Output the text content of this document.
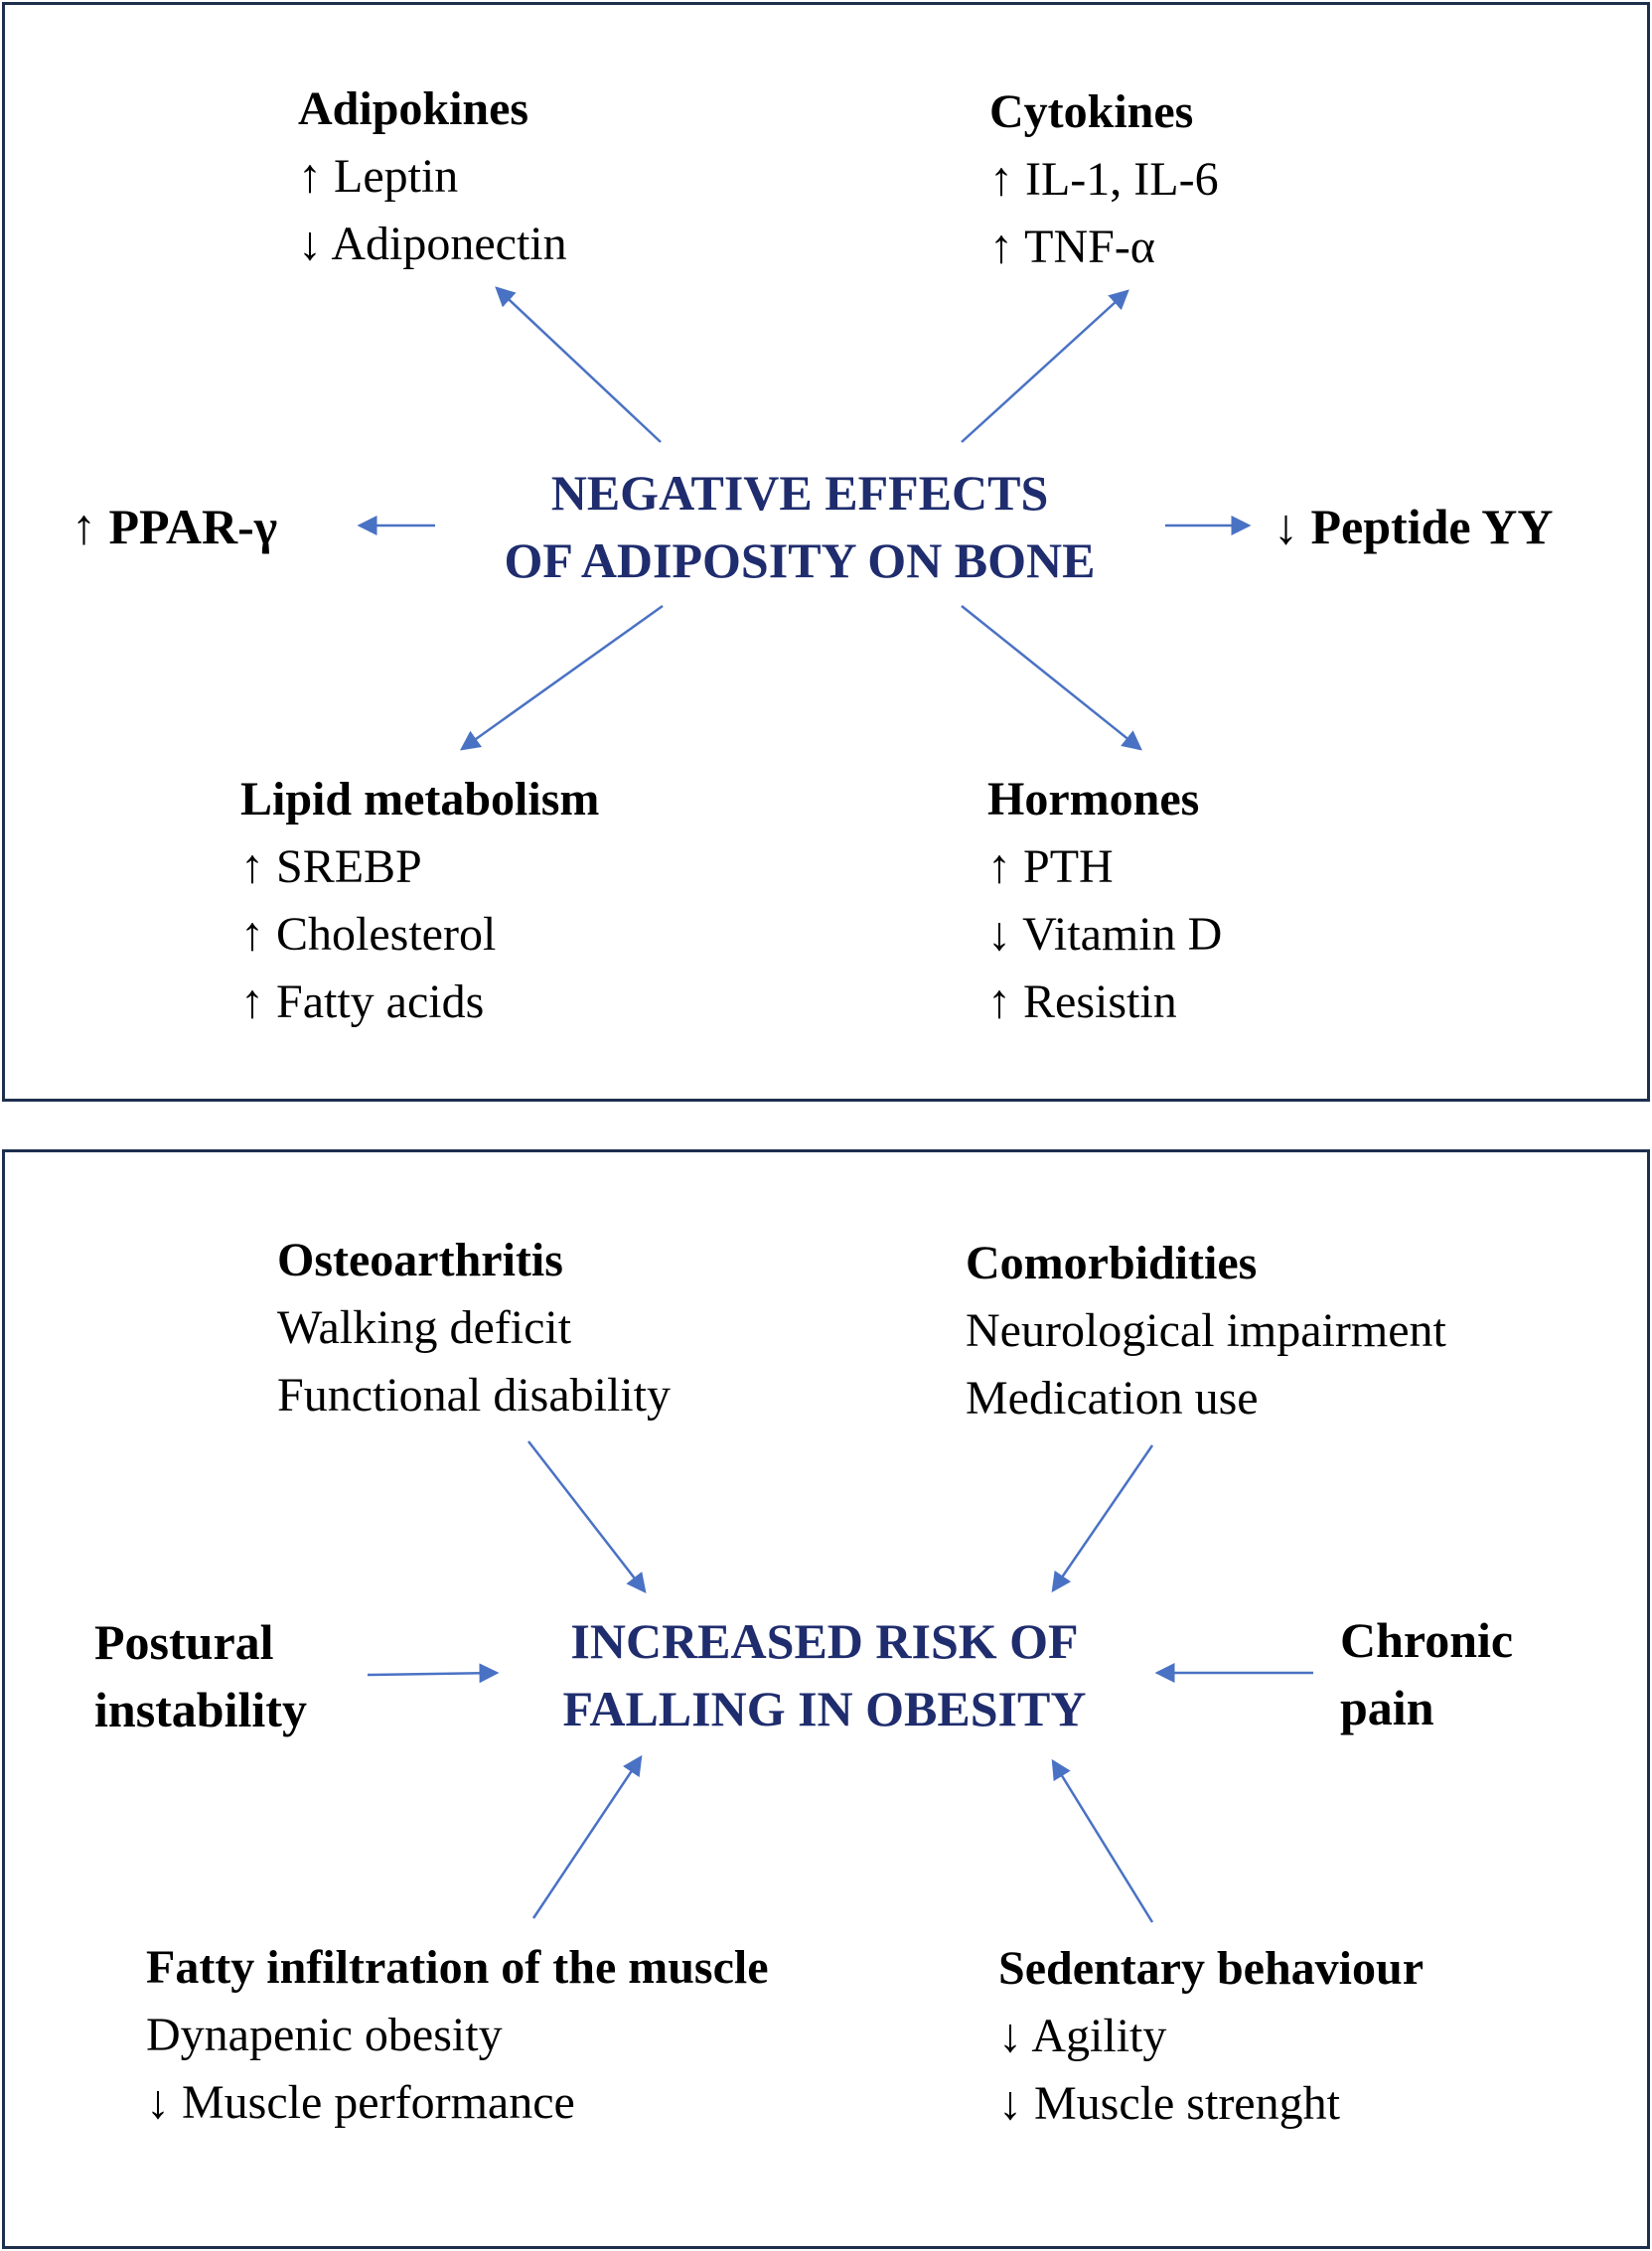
NEGATIVE EFFECTS
OF ADIPOSITY ON BONE
Adipokines
↑ Leptin
↓ Adiponectin
Cytokines
↑ IL-1, IL-6
↑ TNF-α
↑ PPAR-γ	↓ Peptide YY
Lipid metabolism
↑ SREBP
↑ Cholesterol
↑ Fatty acids
Hormones
↑ PTH
↓ Vitamin D
↑ Resistin
INCREASED RISK OF
FALLING IN OBESITY
Osteoarthritis
Walking deficit
Functional disability
Comorbidities
Neurological impairment
Medication use
Postural
instability
Chronic
pain
Fatty infiltration of the muscle
Dynapenic obesity
↓ Muscle performance
Sedentary behaviour
↓ Agility
↓ Muscle strenght
